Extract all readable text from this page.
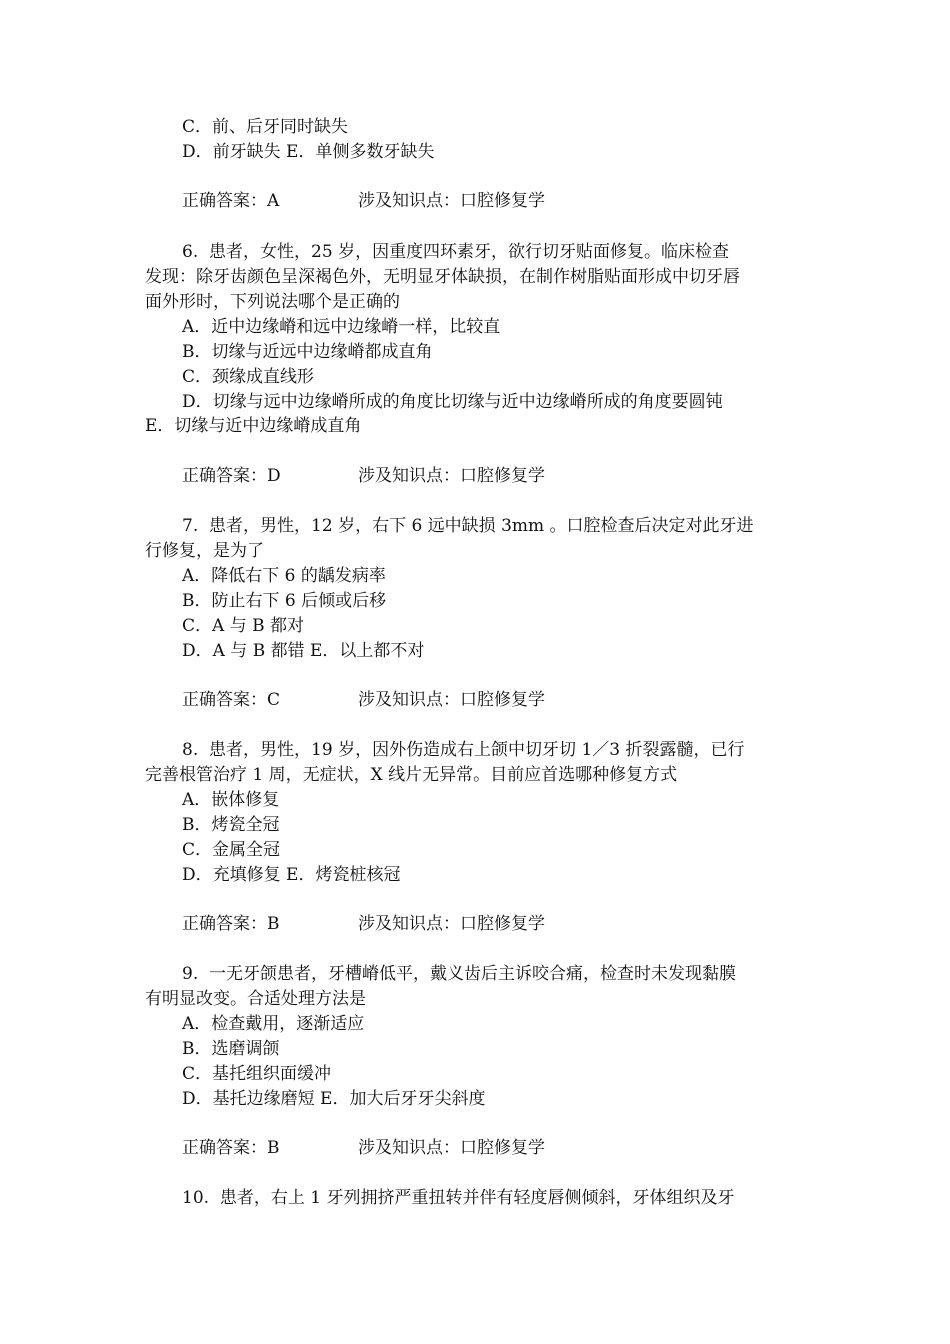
C．前、后牙同时缺失
D．前牙缺失 E．单侧多数牙缺失
正确答案：A	涉及知识点：口腔修复学
6.  患者，女性，25 岁，因重度四环素牙，欲行切牙贴面修复。临床检查
发现：除牙齿颜色呈深褐色外，无明显牙体缺损，在制作树脂贴面形成中切牙唇
面外形时，下列说法哪个是正确的
A．近中边缘嵴和远中边缘嵴一样，比较直
B．切缘与近远中边缘嵴都成直角
C．颈缘成直线形
D．切缘与远中边缘嵴所成的角度比切缘与近中边缘嵴所成的角度要圆钝
E．切缘与近中边缘嵴成直角
正确答案：D	涉及知识点：口腔修复学
7.  患者，男性，12 岁，右下 6 远中缺损 3mm 。口腔检查后决定对此牙进
行修复，是为了
A．降低右下 6 的龋发病率
B．防止右下 6 后倾或后移
C．A 与 B 都对
D．A 与 B 都错 E．以上都不对
正确答案：C	涉及知识点：口腔修复学
8.  患者，男性，19 岁，因外伤造成右上颌中切牙切 1／3 折裂露髓，已行
完善根管治疗 1 周，无症状，X 线片无异常。目前应首选哪种修复方式
A．嵌体修复
B．烤瓷全冠
C．金属全冠
D．充填修复 E．烤瓷桩核冠
正确答案：B	涉及知识点：口腔修复学
9.  一无牙颌患者，牙槽嵴低平，戴义齿后主诉咬合痛，检查时未发现黏膜
有明显改变。合适处理方法是
A．检查戴用，逐渐适应
B．选磨调颌
C．基托组织面缓冲
D．基托边缘磨短 E．加大后牙牙尖斜度
正确答案：B	涉及知识点：口腔修复学
10.  患者，右上 1 牙列拥挤严重扭转并伴有轻度唇侧倾斜，牙体组织及牙
